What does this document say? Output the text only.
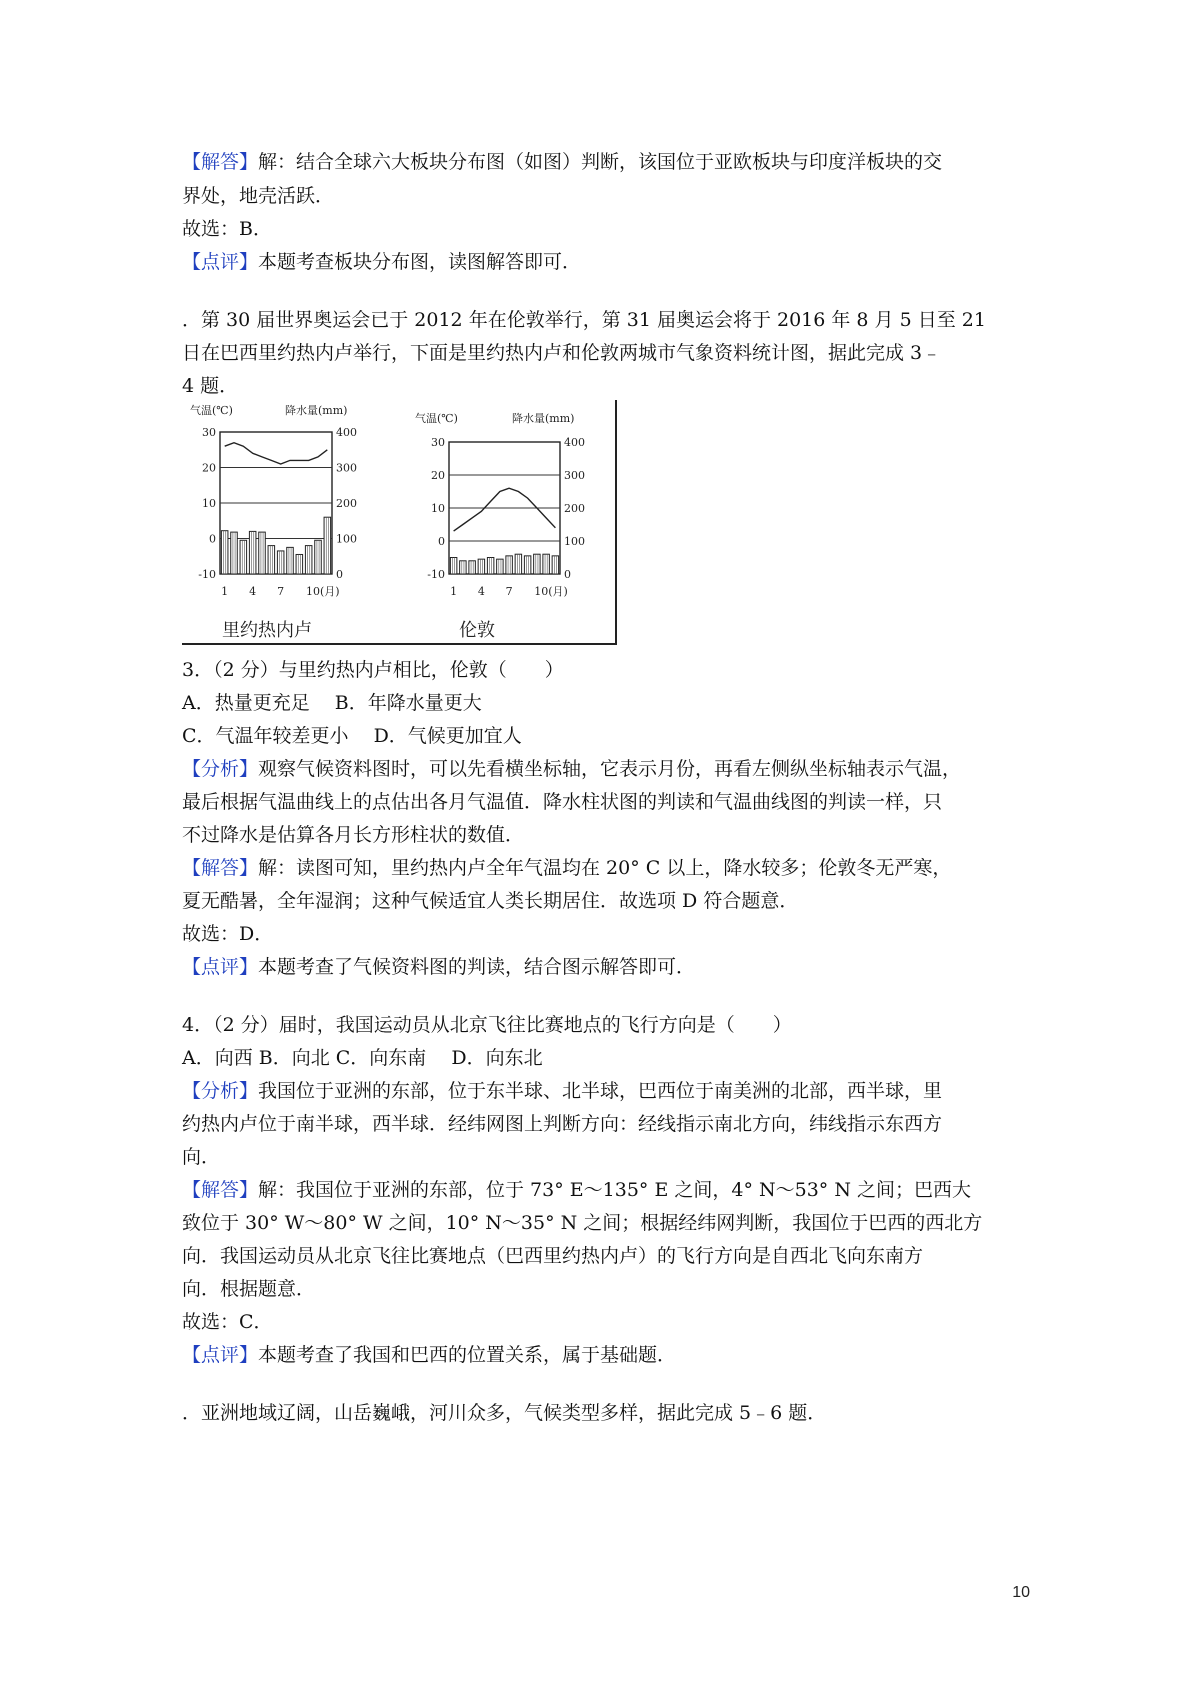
【解答】解：结合全球六大板块分布图（如图）判断，该国位于亚欧板块与印度洋板块的交
界处，地壳活跃．
故选：B．
【点评】本题考查板块分布图，读图解答即可．
．第 30 届世界奥运会已于 2012 年在伦敦举行，第 31 届奥运会将于 2016 年 8 月 5 日至 21
日在巴西里约热内卢举行，下面是里约热内卢和伦敦两城市气象资料统计图，据此完成 3﹣
4 题．
气温(℃)	降水量(mm)
里约热内卢
30	400
20	300
10	200
0	100
-10	0
1 4 7 10(月)
气温(℃)	降水量(mm)
伦敦
30	400
20	300
10	200
0	100
-10	0
1 4 7 10(月)
3．（2 分）与里约热内卢相比，伦敦（　　）
A．热量更充足　 B．年降水量更大
C．气温年较差更小　 D．气候更加宜人
【分析】观察气候资料图时，可以先看横坐标轴，它表示月份，再看左侧纵坐标轴表示气温，
最后根据气温曲线上的点估出各月气温值．降水柱状图的判读和气温曲线图的判读一样，只
不过降水是估算各月长方形柱状的数值．
【解答】解：读图可知，里约热内卢全年气温均在 20° C 以上，降水较多；伦敦冬无严寒，
夏无酷暑，全年湿润；这种气候适宜人类长期居住．故选项 D 符合题意．
故选：D．
【点评】本题考查了气候资料图的判读，结合图示解答即可．
4．（2 分）届时，我国运动员从北京飞往比赛地点的飞行方向是（　　）
A．向西 B．向北 C．向东南　 D．向东北
【分析】我国位于亚洲的东部，位于东半球、北半球，巴西位于南美洲的北部，西半球，里
约热内卢位于南半球，西半球．经纬网图上判断方向：经线指示南北方向，纬线指示东西方
向．
【解答】解：我国位于亚洲的东部，位于 73° E～135° E 之间，4° N～53° N 之间；巴西大
致位于 30° W～80° W 之间，10° N～35° N 之间；根据经纬网判断，我国位于巴西的西北方
向．我国运动员从北京飞往比赛地点（巴西里约热内卢）的飞行方向是自西北飞向东南方
向．根据题意．
故选：C．
【点评】本题考查了我国和巴西的位置关系，属于基础题．
．亚洲地域辽阔，山岳巍峨，河川众多，气候类型多样，据此完成 5﹣6 题．
10
